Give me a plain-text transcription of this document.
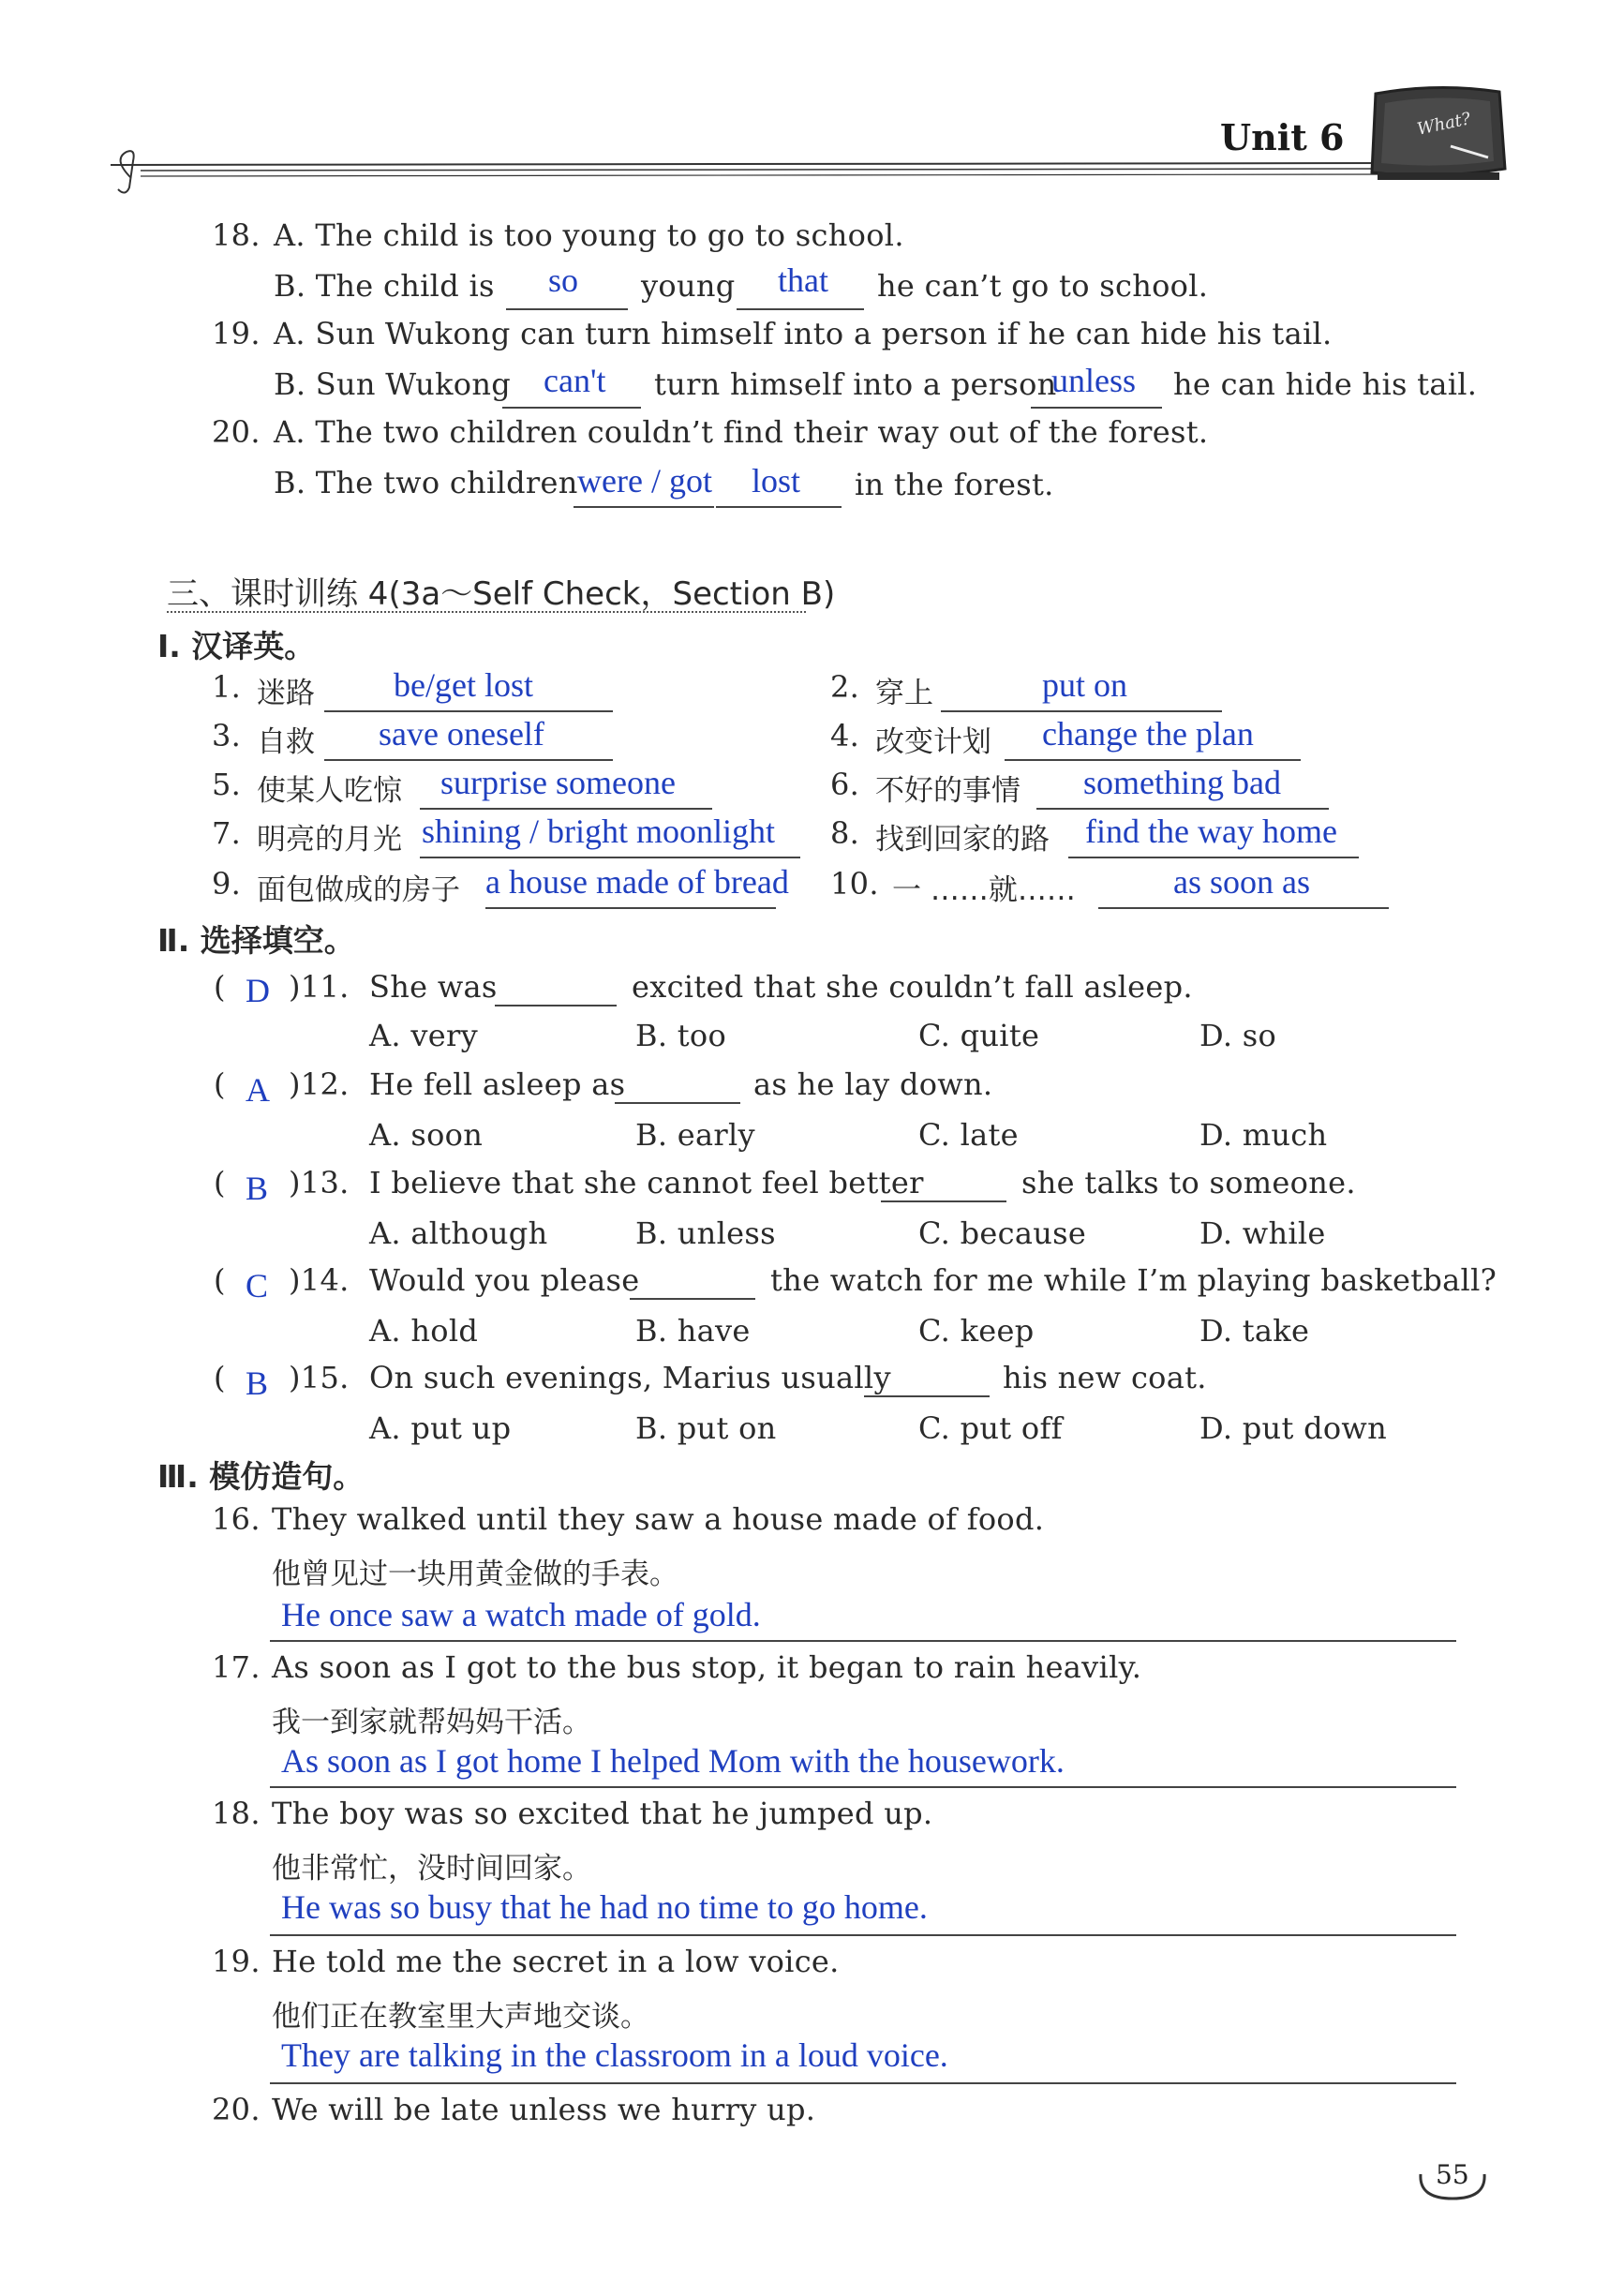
Unit 6	What?
18. A. The child is too young to go to school.
B. The child is so young that he can’t go to school.
19. A. Sun Wukong can turn himself into a person if he can hide his tail.
B. Sun Wukong can't turn himself into a person
unless he can hide his tail.
20. A. The two children couldn’t find their way out of the forest.
B. The two children were / got lost in the forest.
三、课时训练 4(3a～Self Check，Section B)
Ⅰ. 汉译英。
1. 迷路 be/get lost	2. 穿上	put on
3. 自救 save oneself	4. 改变计划 change the plan
5. 使某人吃惊 surprise someone	6. 不好的事情 something bad
7. 明亮的月光 shining / bright moonlight 8. 找到回家的路 find the way home
9. 面包做成的房子 a house made of bread 10. 一 ……就……	as soon as
Ⅱ. 选择填空。
( D )11. She was	excited that she couldn’t fall asleep.
A. very	B. too	C. quite	D. so
( A )12. He fell asleep as	as he lay down.
A. soon	B. early	C. late	D. much
( B )13. I believe that she cannot feel better	she talks to someone.
A. although	B. unless	C. because	D. while
( C )14. Would you please	the watch for me while I’m playing basketball?
A. hold	B. have	C. keep	D. take
( B )15. On such evenings, Marius usually	his new coat.
A. put up	B. put on	C. put off	D. put down
Ⅲ. 模仿造句。
16. They walked until they saw a house made of food.
他曾见过一块用黄金做的手表。
He once saw a watch made of gold.
17. As soon as I got to the bus stop, it began to rain heavily.
我一到家就帮妈妈干活。
As soon as I got home I helped Mom with the housework.
18. The boy was so excited that he jumped up.
他非常忙，没时间回家。
He was so busy that he had no time to go home.
19. He told me the secret in a low voice.
他们正在教室里大声地交谈。
They are talking in the classroom in a loud voice.
20. We will be late unless we hurry up.
55
